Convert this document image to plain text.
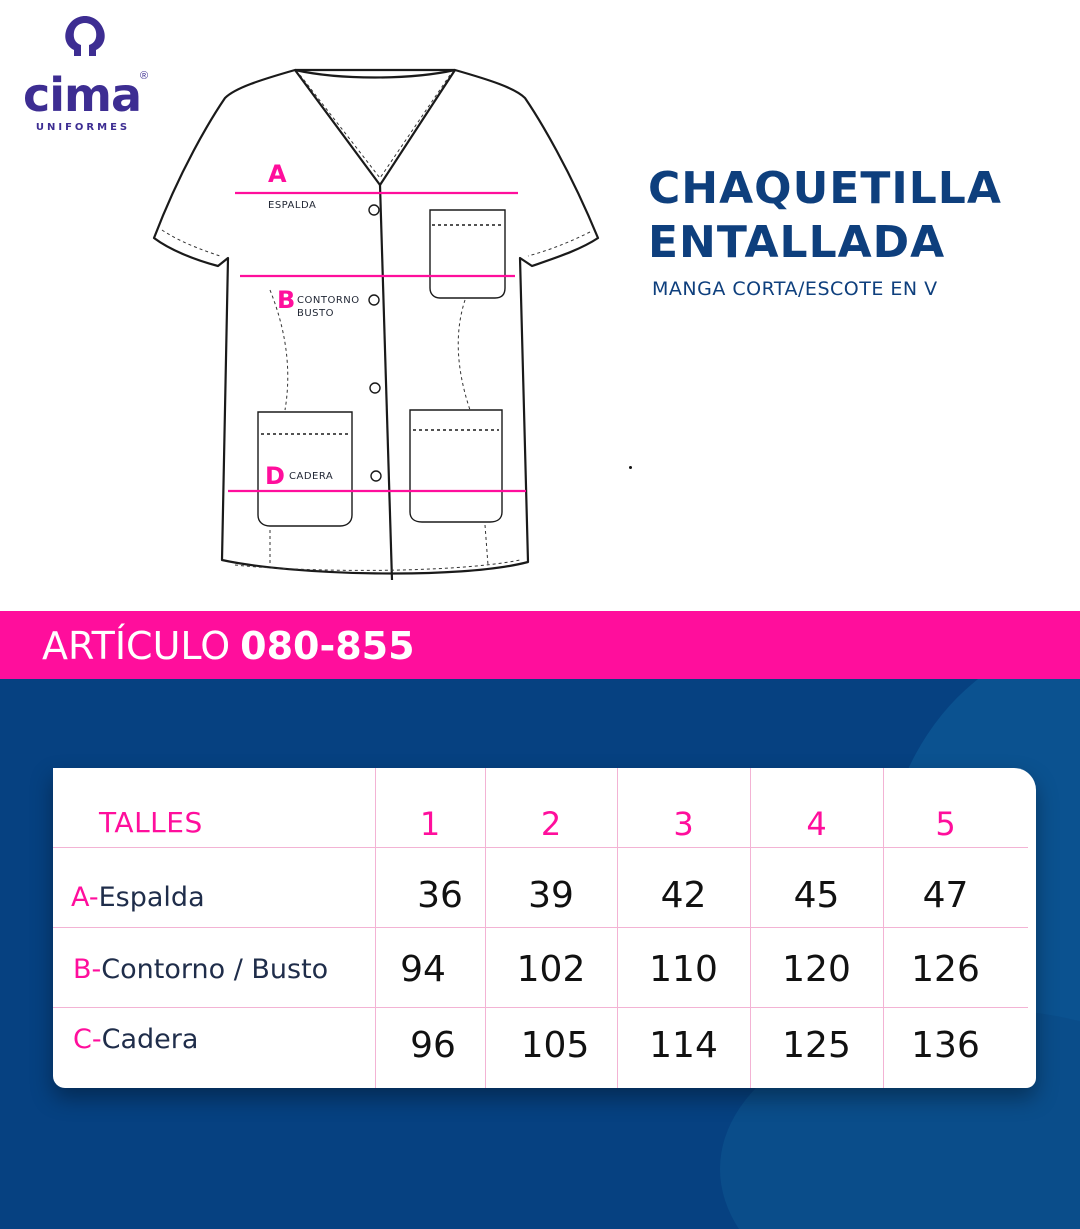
cima ®
UNIFORMES
A
ESPALDA
B CONTORNO
BUSTO
D CADERA
CHAQUETILLA
ENTALLADA
MANGA CORTA/ESCOTE EN V
ARTÍCULO 080-855
TALLES	1	2	3	4	5
A-Espalda	36	39	42	45	47
B-Contorno / Busto	94	102	110	120	126
C-Cadera	96	105	114	125	136
